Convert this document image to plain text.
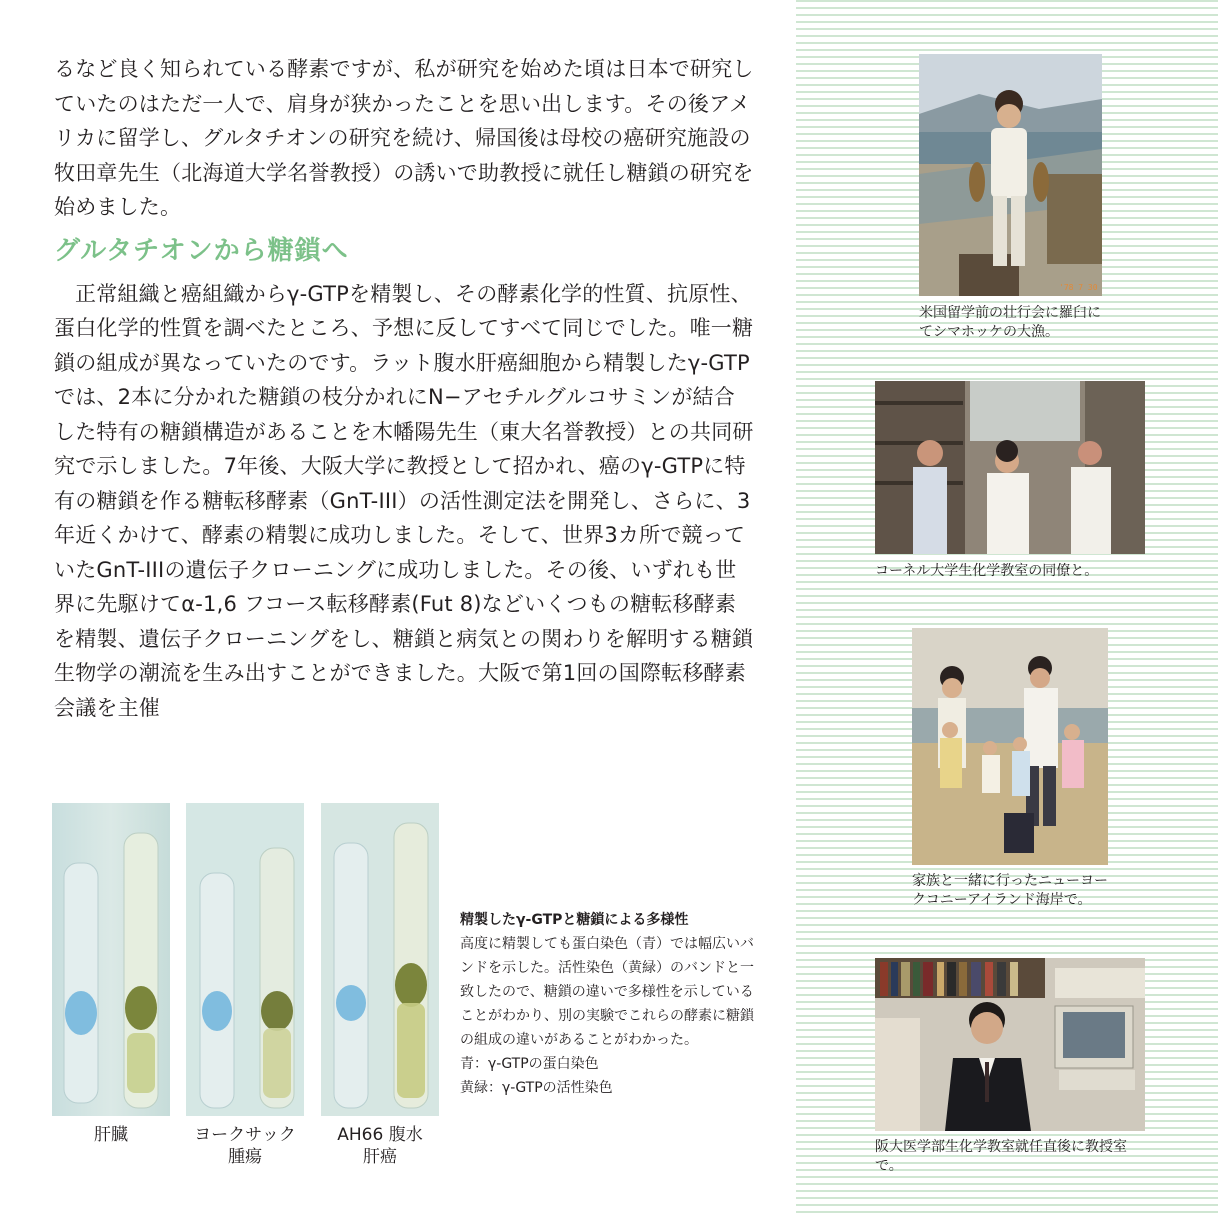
るなど良く知られている酵素ですが、私が研究を始めた頃は日本で研究していたのはただ一人で、肩身が狭かったことを思い出します。その後アメリカに留学し、グルタチオンの研究を続け、帰国後は母校の癌研究施設の牧田章先生（北海道大学名誉教授）の誘いで助教授に就任し糖鎖の研究を始めました。

グルタチオンから糖鎖へ

正常組織と癌組織からγ-GTPを精製し、その酵素化学的性質、抗原性、蛋白化学的性質を調べたところ、予想に反してすべて同じでした。唯一糖鎖の組成が異なっていたのです。ラット腹水肝癌細胞から精製したγ-GTPでは、2本に分かれた糖鎖の枝分かれにN−アセチルグルコサミンが結合した特有の糖鎖構造があることを木幡陽先生（東大名誉教授）との共同研究で示しました。7年後、大阪大学に教授として招かれ、癌のγ-GTPに特有の糖鎖を作る糖転移酵素（GnT-III）の活性測定法を開発し、さらに、3年近くかけて、酵素の精製に成功しました。そして、世界3カ所で競っていたGnT-IIIの遺伝子クローニングに成功しました。その後、いずれも世界に先駆けてα-1,6 フコース転移酵素(Fut 8)などいくつもの糖転移酵素を精製、遺伝子クローニングをし、糖鎖と病気との関わりを解明する糖鎖生物学の潮流を生み出すことができました。大阪で第1回の国際転移酵素会議を主催

肝臓	ヨークサック
腫瘍
AH66 腹水
肝癌
精製したγ-GTPと糖鎖による多様性
高度に精製しても蛋白染色（青）では幅広いバンドを示した。活性染色（黄緑）のバンドと一致したので、糖鎖の違いで多様性を示していることがわかり、別の実験でこれらの酵素に糖鎖の組成の違いがあることがわかった。
青：γ-GTPの蛋白染色
黄緑：γ-GTPの活性染色
'78 7 30
米国留学前の壮行会に羅臼にてシマホッケの大漁。
コーネル大学生化学教室の同僚と。
家族と一緒に行ったニューヨークコニーアイランド海岸で。
阪大医学部生化学教室就任直後に教授室で。
